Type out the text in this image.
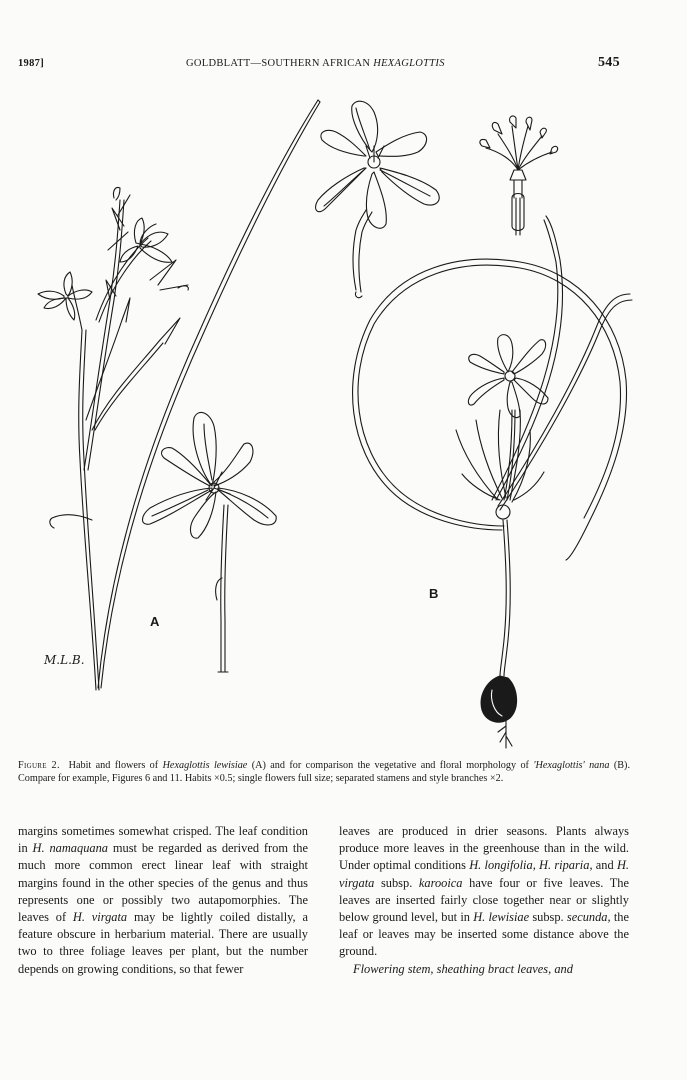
1987]	GOLDBLATT—SOUTHERN AFRICAN HEXAGLOTTIS	545
A
B
M.L.B.
Figure 2. Habit and flowers of Hexaglottis lewisiae (A) and for comparison the vegetative and floral morphology of 'Hexaglottis' nana (B). Compare for example, Figures 6 and 11. Habits ×0.5; single flowers full size; separated stamens and style branches ×2.

margins sometimes somewhat crisped. The leaf condition in H. namaquana must be regarded as derived from the much more common erect linear leaf with straight margins found in the other species of the genus and thus represents one or possibly two autapomorphies. The leaves of H. virgata may be lightly coiled distally, a feature obscure in herbarium material. There are usually two to three foliage leaves per plant, but the number depends on growing conditions, so that fewer

leaves are produced in drier seasons. Plants always produce more leaves in the greenhouse than in the wild. Under optimal conditions H. longifolia, H. riparia, and H. virgata subsp. karooica have four or five leaves. The leaves are inserted fairly close together near or slightly below ground level, but in H. lewisiae subsp. secunda, the leaf or leaves may be inserted some distance above the ground.

Flowering stem, sheathing bract leaves, and
